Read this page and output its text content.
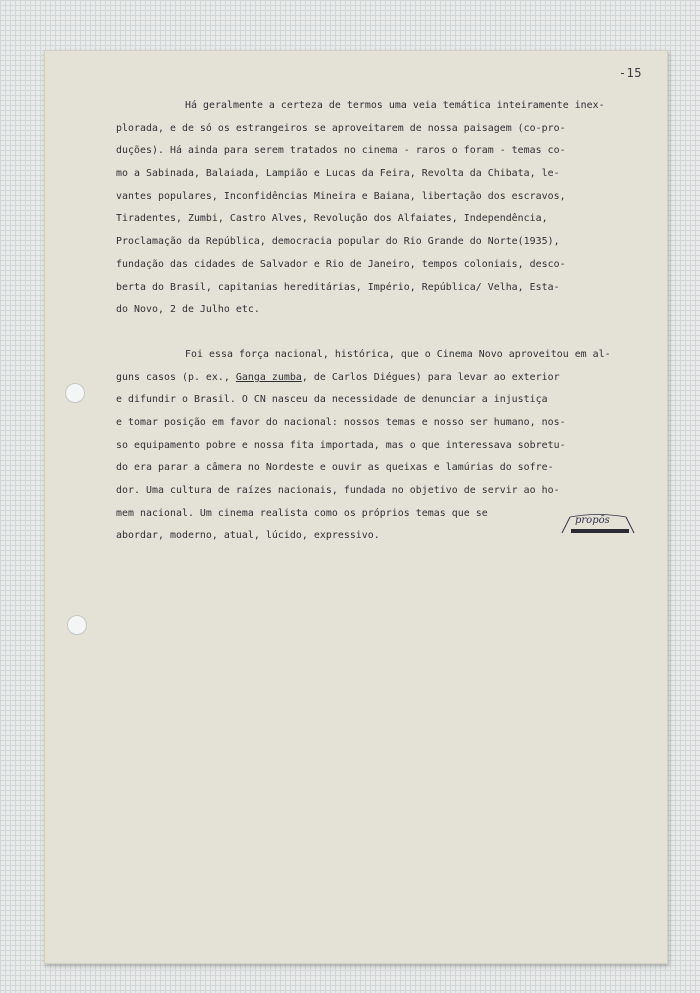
-15
Há geralmente a certeza de termos uma veia temática inteiramente inex-
plorada, e de só os estrangeiros se aproveitarem de nossa paisagem (co-pro-
duções). Há ainda para serem tratados no cinema - raros o foram - temas co-
mo a Sabinada, Balaiada, Lampião e Lucas da Feira, Revolta da Chibata, le-
vantes populares, Inconfidências Mineira e Baiana, libertação dos escravos,
Tiradentes, Zumbi, Castro Alves, Revolução dos Alfaiates, Independência,
Proclamação da República, democracia popular do Rio Grande do Norte(1935),
fundação das cidades de Salvador e Rio de Janeiro, tempos coloniais, desco-
berta do Brasil, capitanias hereditárias, Império, República/ Velha, Esta-
do Novo, 2 de Julho etc.
Foi essa força nacional, histórica, que o Cinema Novo aproveitou em al-
guns casos (p. ex., Ganga zumba, de Carlos Diégues) para levar ao exterior
e difundir o Brasil. O CN nasceu da necessidade de denunciar a injustiça
e tomar posição em favor do nacional: nossos temas e nosso ser humano, nos-
so equipamento pobre e nossa fita importada, mas o que interessava sobretu-
do era parar a câmera no Nordeste e ouvir as queixas e lamúrias do sofre-
dor. Uma cultura de raízes nacionais, fundada no objetivo de servir ao ho-
mem nacional. Um cinema realista como os próprios temas que se
abordar, moderno, atual, lúcido, expressivo.
propõs
